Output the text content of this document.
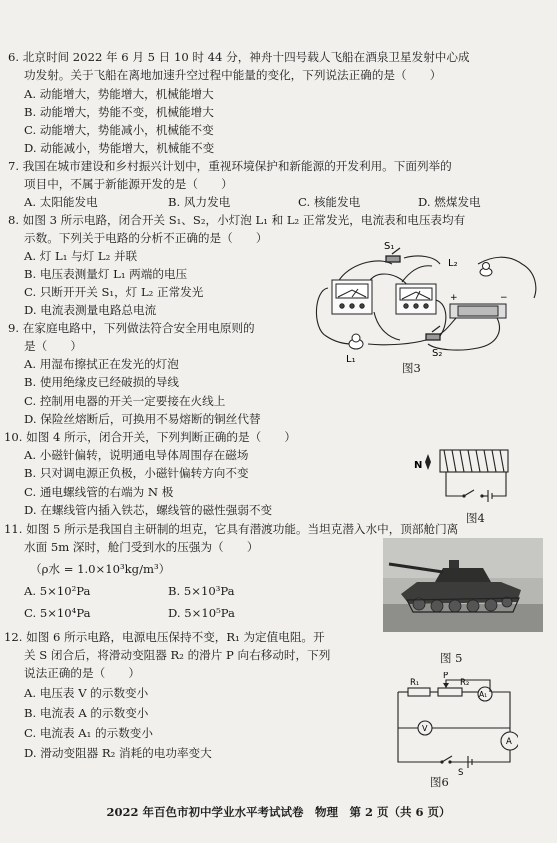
6. 北京时间 2022 年 6 月 5 日 10 时 44 分，神舟十四号载人飞船在酒泉卫星发射中心成
功发射。关于飞船在离地加速升空过程中能量的变化，下列说法正确的是（　　）
A. 动能增大，势能增大，机械能增大
B. 动能增大，势能不变，机械能增大
C. 动能增大，势能减小，机械能不变
D. 动能减小，势能增大，机械能不变
7. 我国在城市建设和乡村振兴计划中，重视环境保护和新能源的开发利用。下面列举的
项目中，不属于新能源开发的是（　　）
A. 太阳能发电	B. 风力发电	C. 核能发电	D. 燃煤发电
8. 如图 3 所示电路，闭合开关 S₁、S₂，小灯泡 L₁ 和 L₂ 正常发光，电流表和电压表均有
示数。下列关于电路的分析不正确的是（　　）
A. 灯 L₁ 与灯 L₂ 并联
B. 电压表测量灯 L₁ 两端的电压
C. 只断开开关 S₁，灯 L₂ 正常发光
D. 电流表测量电路总电流
9. 在家庭电路中，下列做法符合安全用电原则的
是（　　）
A. 用湿布擦拭正在发光的灯泡
B. 使用绝缘皮已经破损的导线
C. 控制用电器的开关一定要接在火线上
D. 保险丝熔断后，可换用不易熔断的铜丝代替
10. 如图 4 所示，闭合开关，下列判断正确的是（　　）
A. 小磁针偏转，说明通电导体周围存在磁场
B. 只对调电源正负极，小磁针偏转方向不变
C. 通电螺线管的右端为 N 极
D. 在螺线管内插入铁芯，螺线管的磁性强弱不变
11. 如图 5 所示是我国自主研制的坦克，它具有潜渡功能。当坦克潜入水中，顶部舱门离
水面 5m 深时，舱门受到水的压强为（　　）
（ρ水 = 1.0×10³kg/m³）
A. 5×10²Pa	B. 5×10³Pa
C. 5×10⁴Pa	D. 5×10⁵Pa
12. 如图 6 所示电路，电源电压保持不变，R₁ 为定值电阻。开
关 S 闭合后，将滑动变阻器 R₂ 的滑片 P 向右移动时，下列
说法正确的是（　　）
A. 电压表 V 的示数变小
B. 电流表 A 的示数变小
C. 电流表 A₁ 的示数变小
D. 滑动变阻器 R₂ 消耗的电功率变大
S₁
L₂
L₁
S₂
+	−
图3
N
图4
图 5
P
R₁	R₂
A₁
V
A
S
图6
2022 年百色市初中学业水平考试试卷　物理　第 2 页（共 6 页）
